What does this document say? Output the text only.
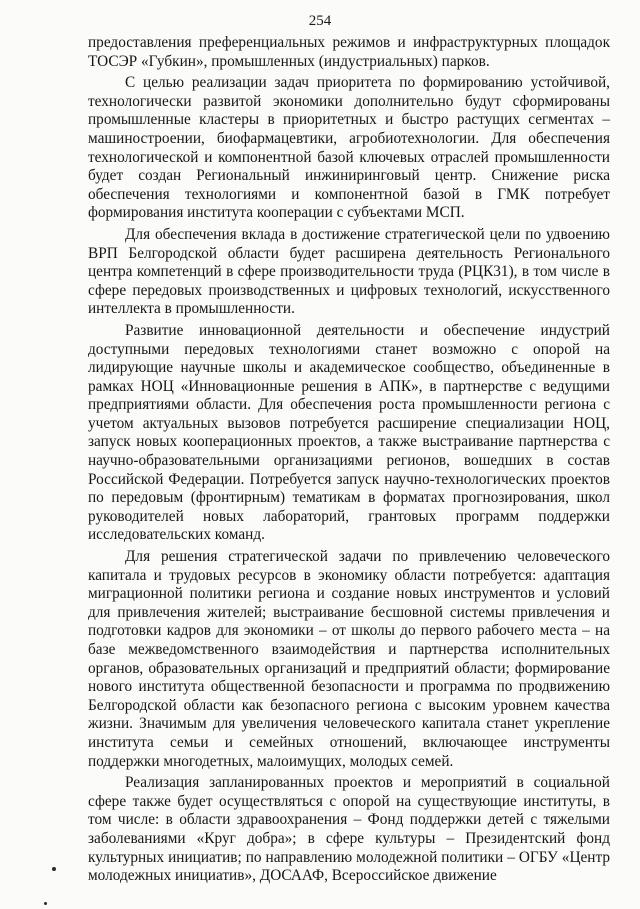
254

предоставления преференциальных режимов и инфраструктурных площадок ТОСЭР «Губкин», промышленных (индустриальных) парков.

С целью реализации задач приоритета по формированию устойчивой, технологически развитой экономики дополнительно будут сформированы промышленные кластеры в приоритетных и быстро растущих сегментах – машиностроении, биофармацевтики, агробиотехнологии. Для обеспечения технологической и компонентной базой ключевых отраслей промышленности будет создан Региональный инжиниринговый центр. Снижение риска обеспечения технологиями и компонентной базой в ГМК потребует формирования института кооперации с субъектами МСП.

Для обеспечения вклада в достижение стратегической цели по удвоению ВРП Белгородской области будет расширена деятельность Регионального центра компетенций в сфере производительности труда (РЦК31), в том числе в сфере передовых производственных и цифровых технологий, искусственного интеллекта в промышленности.

Развитие инновационной деятельности и обеспечение индустрий доступными передовых технологиями станет возможно с опорой на лидирующие научные школы и академическое сообщество, объединенные в рамках НОЦ «Инновационные решения в АПК», в партнерстве с ведущими предприятиями области. Для обеспечения роста промышленности региона с учетом актуальных вызовов потребуется расширение специализации НОЦ, запуск новых кооперационных проектов, а также выстраивание партнерства с научно-образовательными организациями регионов, вошедших в состав Российской Федерации. Потребуется запуск научно-технологических проектов по передовым (фронтирным) тематикам в форматах прогнозирования, школ руководителей новых лабораторий, грантовых программ поддержки исследовательских команд.

Для решения стратегической задачи по привлечению человеческого капитала и трудовых ресурсов в экономику области потребуется: адаптация миграционной политики региона и создание новых инструментов и условий для привлечения жителей; выстраивание бесшовной системы привлечения и подготовки кадров для экономики – от школы до первого рабочего места – на базе межведомственного взаимодействия и партнерства исполнительных органов, образовательных организаций и предприятий области; формирование нового института общественной безопасности и программа по продвижению Белгородской области как безопасного региона с высоким уровнем качества жизни. Значимым для увеличения человеческого капитала станет укрепление института семьи и семейных отношений, включающее инструменты поддержки многодетных, малоимущих, молодых семей.

Реализация запланированных проектов и мероприятий в социальной сфере также будет осуществляться с опорой на существующие институты, в том числе: в области здравоохранения – Фонд поддержки детей с тяжелыми заболеваниями «Круг добра»; в сфере культуры – Президентский фонд культурных инициатив; по направлению молодежной политики – ОГБУ «Центр молодежных инициатив», ДОСААФ, Всероссийское движение
